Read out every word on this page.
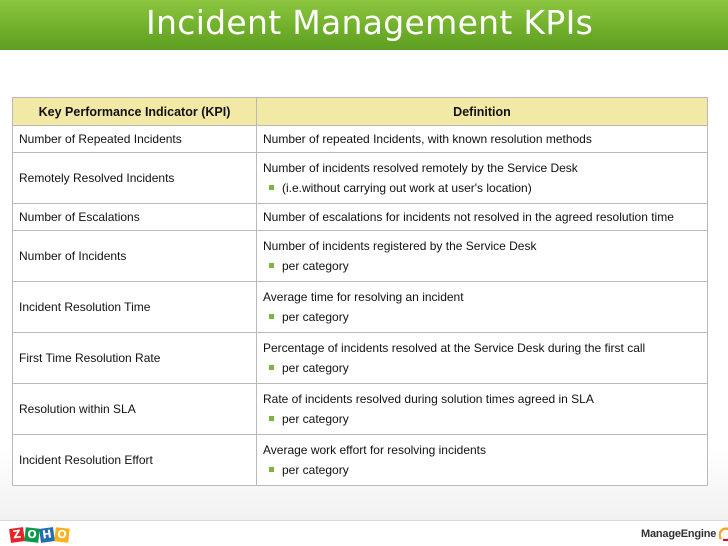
Incident Management KPIs
Key Performance Indicator (KPI)	Definition
Number of Repeated Incidents	Number of repeated Incidents, with known resolution methods

Remotely Resolved Incidents	Number of incidents resolved remotely by the Service Desk
(i.e.without carrying out work at user's location)

Number of Escalations	Number of escalations for incidents not resolved in the agreed resolution time

Number of Incidents	Number of incidents registered by the Service Desk
per category

Incident Resolution Time	Average time for resolving an incident
per category

First Time Resolution Rate	Percentage of incidents resolved at the Service Desk during the first call
per category

Resolution within SLA	Rate of incidents resolved during solution times agreed in SLA
per category

Incident Resolution Effort	Average work effort for resolving incidents
per category
Z O H O	ManageEngine
